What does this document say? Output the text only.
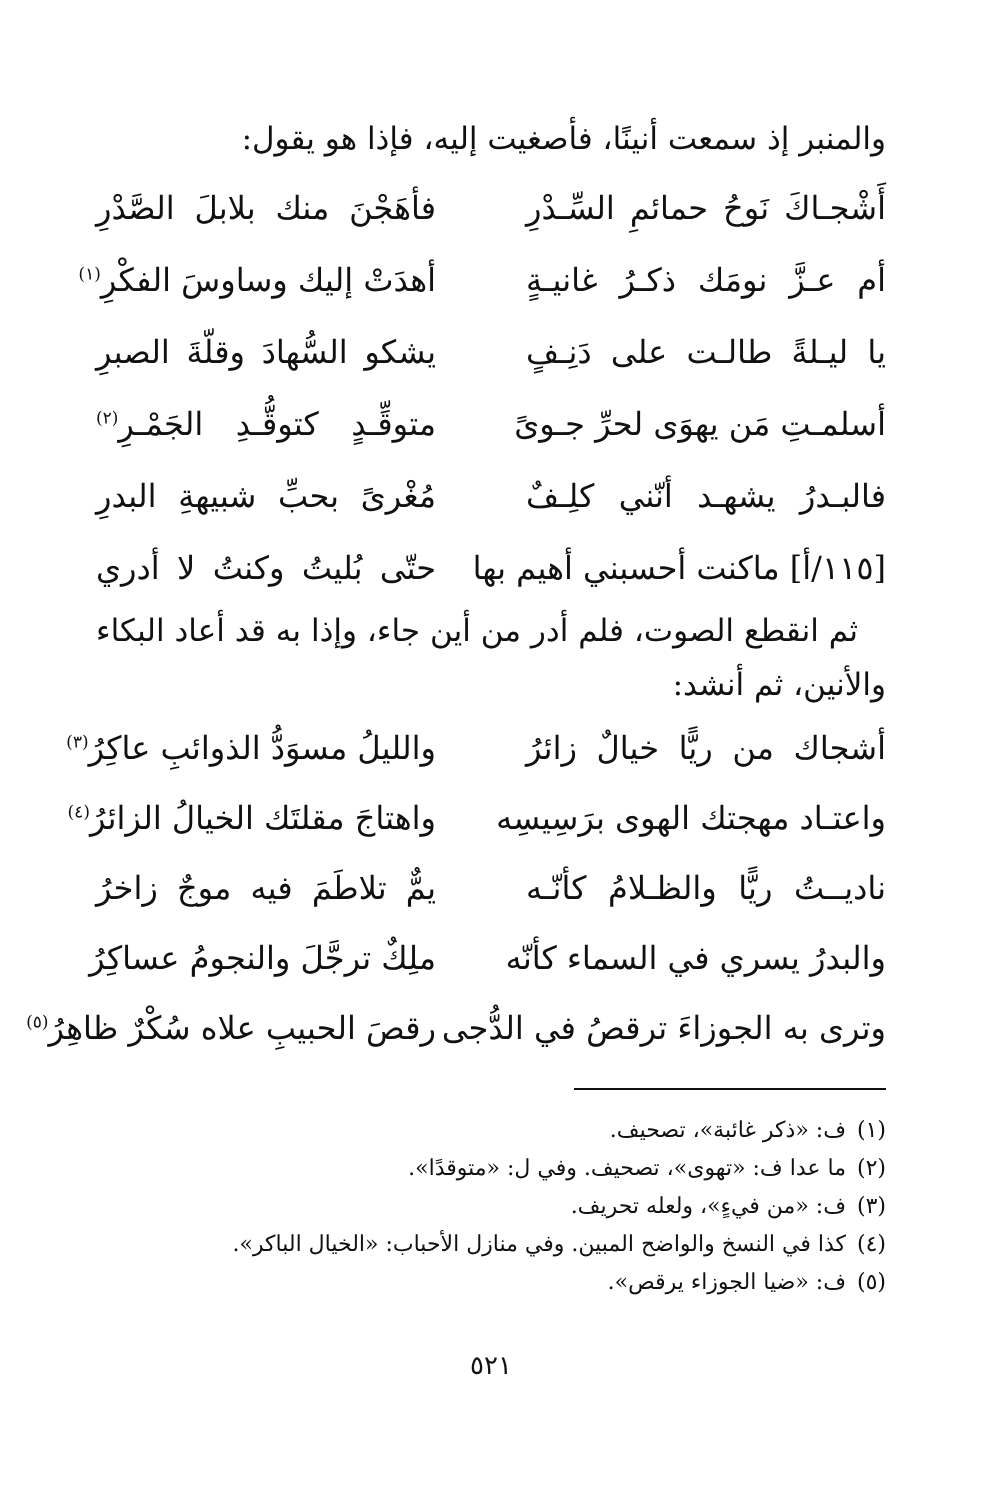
والمنبر إذ سمعت أنينًا، فأصغيت إليه، فإذا هو يقول:
أَشْجـاكَ نَوحُ حمائمِ السِّـدْرِ
فأهَجْنَ منك بلابلَ الصَّدْرِ
أم عـزَّ نومَك ذكـرُ غانيـةٍ
أهدَتْ إليك وساوسَ الفكْرِ$^{(١)}$
يا ليـلةً طالـت على دَنِـفٍ
يشكو السُّهادَ وقلّةَ الصبرِ
أسلمـتِ مَن يهوَى لحرِّ جـوىً
متوقِّـدٍ كتوقُّـدِ الجَمْـرِ$^{(٢)}$
فالبـدرُ يشهـد أنّني كلِـفٌ
مُغْرىً بحبِّ شبيهةِ البدرِ
[١١٥/أ] ماكنت أحسبني أهيم بها
حتّى بُليتُ وكنتُ لا أدري
ثم انقطع الصوت، فلم أدر من أين جاء، وإذا به قد أعاد البكاء والأنين، ثم أنشد:
أشجاك من ريًّا خيالٌ زائرُ
والليلُ مسوَدُّ الذوائبِ عاكِرُ$^{(٣)}$
واعتـاد مهجتك الهوى برَسِيسِه
واهتاجَ مقلتَك الخيالُ الزائرُ$^{(٤)}$
ناديــتُ ريًّا والظـلامُ كأنّـه
يمٌّ تلاطَمَ فيه موجٌ زاخرُ
والبدرُ يسري في السماء كأنّه
ملِكٌ ترجَّلَ والنجومُ عساكِرُ
وترى به الجوزاءَ ترقصُ في الدُّجى
رقصَ الحبيبِ علاه سُكْرٌ ظاهِرُ$^{(٥)}$
(١)ف: «ذكر غائبة»، تصحيف.
(٢)ما عدا ف: «تهوى»، تصحيف. وفي ل: «متوقدًا».
(٣)ف: «من فيءٍ»، ولعله تحريف.
(٤)كذا في النسخ والواضح المبين. وفي منازل الأحباب: «الخيال الباكر».
(٥)ف: «ضيا الجوزاء يرقص».
٥٢١
